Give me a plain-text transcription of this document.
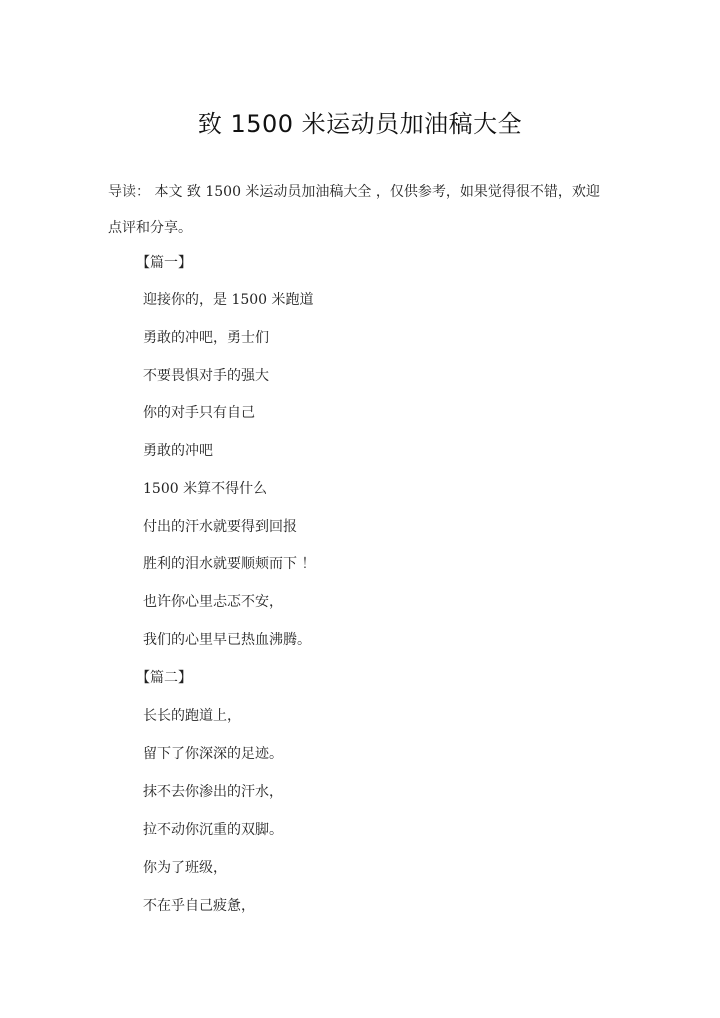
致 1500 米运动员加油稿大全
导读： 本文 致 1500 米运动员加油稿大全 ，仅供参考，如果觉得很不错，欢迎点评和分享。
【篇一】
迎接你的，是 1500 米跑道
勇敢的冲吧，勇士们
不要畏惧对手的强大
你的对手只有自己
勇敢的冲吧
1500 米算不得什么
付出的汗水就要得到回报
胜利的泪水就要顺颊而下 ！
也许你心里忐忑不安，
我们的心里早已热血沸腾。
【篇二】
长长的跑道上，
留下了你深深的足迹。
抹不去你渗出的汗水，
拉不动你沉重的双脚。
你为了班级，
不在乎自己疲惫，
